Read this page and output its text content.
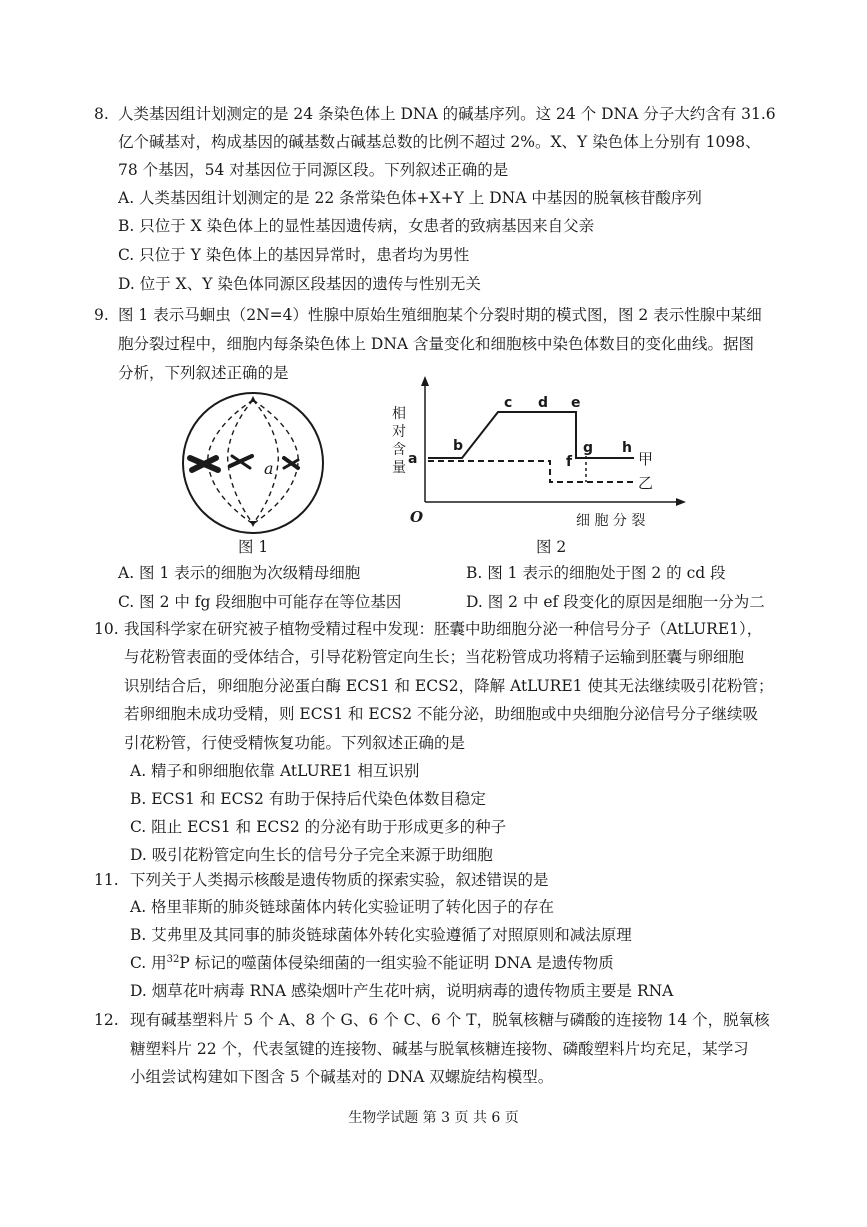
8. 人类基因组计划测定的是 24 条染色体上 DNA 的碱基序列。这 24 个 DNA 分子大约含有 31.6
亿个碱基对，构成基因的碱基数占碱基总数的比例不超过 2%。X、Y 染色体上分别有 1098、
78 个基因，54 对基因位于同源区段。下列叙述正确的是
A. 人类基因组计划测定的是 22 条常染色体+X+Y 上 DNA 中基因的脱氧核苷酸序列
B. 只位于 X 染色体上的显性基因遗传病，女患者的致病基因来自父亲
C. 只位于 Y 染色体上的基因异常时，患者均为男性
D. 位于 X、Y 染色体同源区段基因的遗传与性别无关
9. 图 1 表示马蛔虫（2N=4）性腺中原始生殖细胞某个分裂时期的模式图，图 2 表示性腺中某细
胞分裂过程中，细胞内每条染色体上 DNA 含量变化和细胞核中染色体数目的变化曲线。据图
分析，下列叙述正确的是
a
图 1
相
对
含
量
a
b
c d e
f
g h
甲
乙
O	细 胞 分 裂
图 2
A. 图 1 表示的细胞为次级精母细胞	B. 图 1 表示的细胞处于图 2 的 cd 段
C. 图 2 中 fg 段细胞中可能存在等位基因	D. 图 2 中 ef 段变化的原因是细胞一分为二
10. 我国科学家在研究被子植物受精过程中发现：胚囊中助细胞分泌一种信号分子（AtLURE1），
与花粉管表面的受体结合，引导花粉管定向生长；当花粉管成功将精子运输到胚囊与卵细胞
识别结合后，卵细胞分泌蛋白酶 ECS1 和 ECS2，降解 AtLURE1 使其无法继续吸引花粉管；
若卵细胞未成功受精，则 ECS1 和 ECS2 不能分泌，助细胞或中央细胞分泌信号分子继续吸
引花粉管，行使受精恢复功能。下列叙述正确的是
A. 精子和卵细胞依靠 AtLURE1 相互识别
B. ECS1 和 ECS2 有助于保持后代染色体数目稳定
C. 阻止 ECS1 和 ECS2 的分泌有助于形成更多的种子
D. 吸引花粉管定向生长的信号分子完全来源于助细胞
11. 下列关于人类揭示核酸是遗传物质的探索实验，叙述错误的是
A. 格里菲斯的肺炎链球菌体内转化实验证明了转化因子的存在
B. 艾弗里及其同事的肺炎链球菌体外转化实验遵循了对照原则和减法原理
C. 用$^{32}$P 标记的噬菌体侵染细菌的一组实验不能证明 DNA 是遗传物质
D. 烟草花叶病毒 RNA 感染烟叶产生花叶病，说明病毒的遗传物质主要是 RNA
12. 现有碱基塑料片 5 个 A、8 个 G、6 个 C、6 个 T，脱氧核糖与磷酸的连接物 14 个，脱氧核
糖塑料片 22 个，代表氢键的连接物、碱基与脱氧核糖连接物、磷酸塑料片均充足，某学习
小组尝试构建如下图含 5 个碱基对的 DNA 双螺旋结构模型。
生物学试题 第 3 页 共 6 页
